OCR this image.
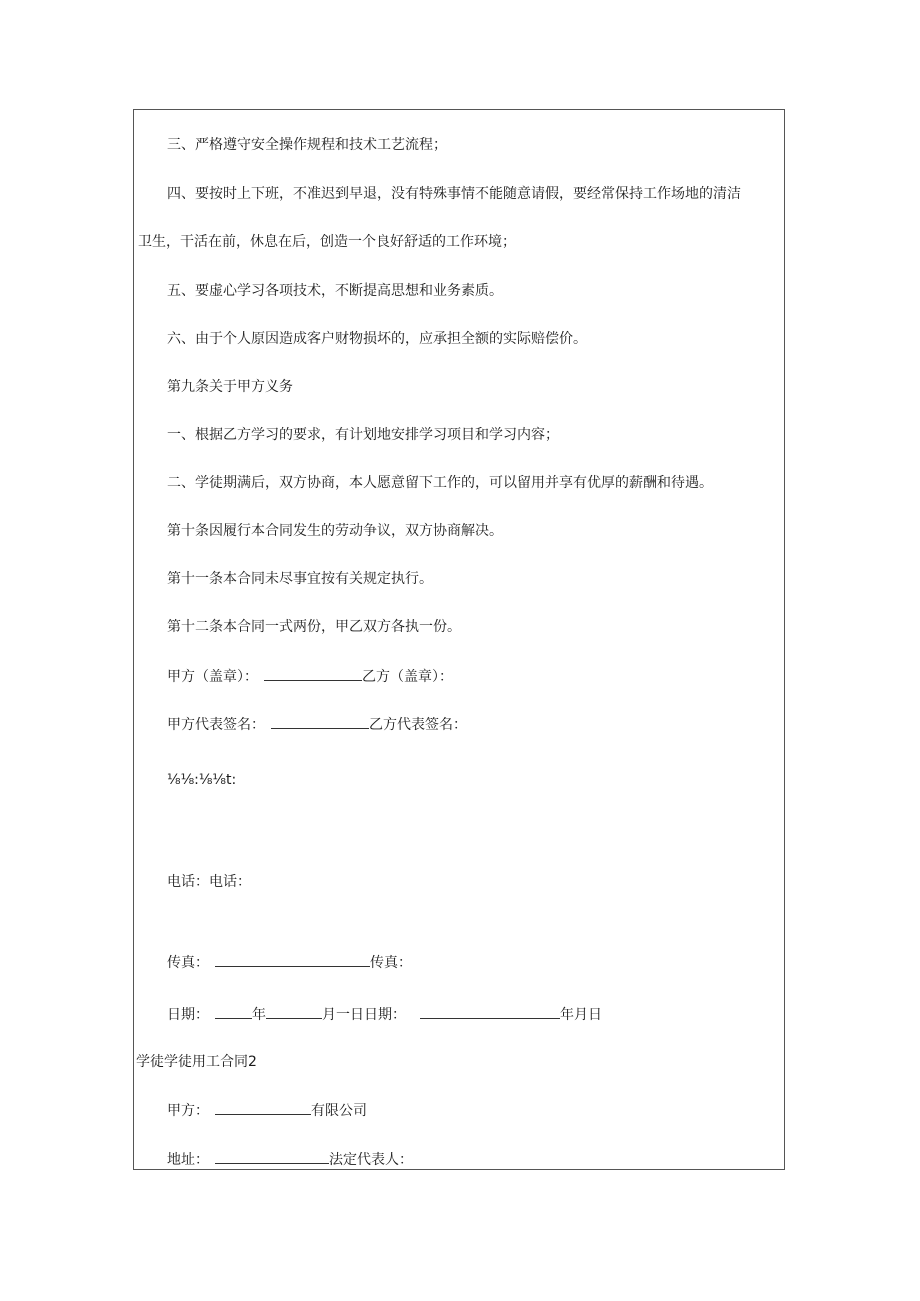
三、严格遵守安全操作规程和技术工艺流程；
四、要按时上下班，不准迟到早退，没有特殊事情不能随意请假，要经常保持工作场地的清洁
卫生，干活在前，休息在后，创造一个良好舒适的工作环境；
五、要虚心学习各项技术，不断提高思想和业务素质。
六、由于个人原因造成客户财物损坏的，应承担全额的实际赔偿价。
第九条关于甲方义务
一、根据乙方学习的要求，有计划地安排学习项目和学习内容；
二、学徒期满后，双方协商，本人愿意留下工作的，可以留用并享有优厚的薪酬和待遇。
第十条因履行本合同发生的劳动争议，双方协商解决。
第十一条本合同未尽事宜按有关规定执行。
第十二条本合同一式两份，甲乙双方各执一份。
甲方（盖章）：	乙方（盖章）：
甲方代表签名：	乙方代表签名：
⅛⅛:⅛⅛t:
电话：电话：
传真：	传真：
日期：	年	月一日日期：	年月日
学徒学徒用工合同2
甲方：	有限公司
地址：	法定代表人：
